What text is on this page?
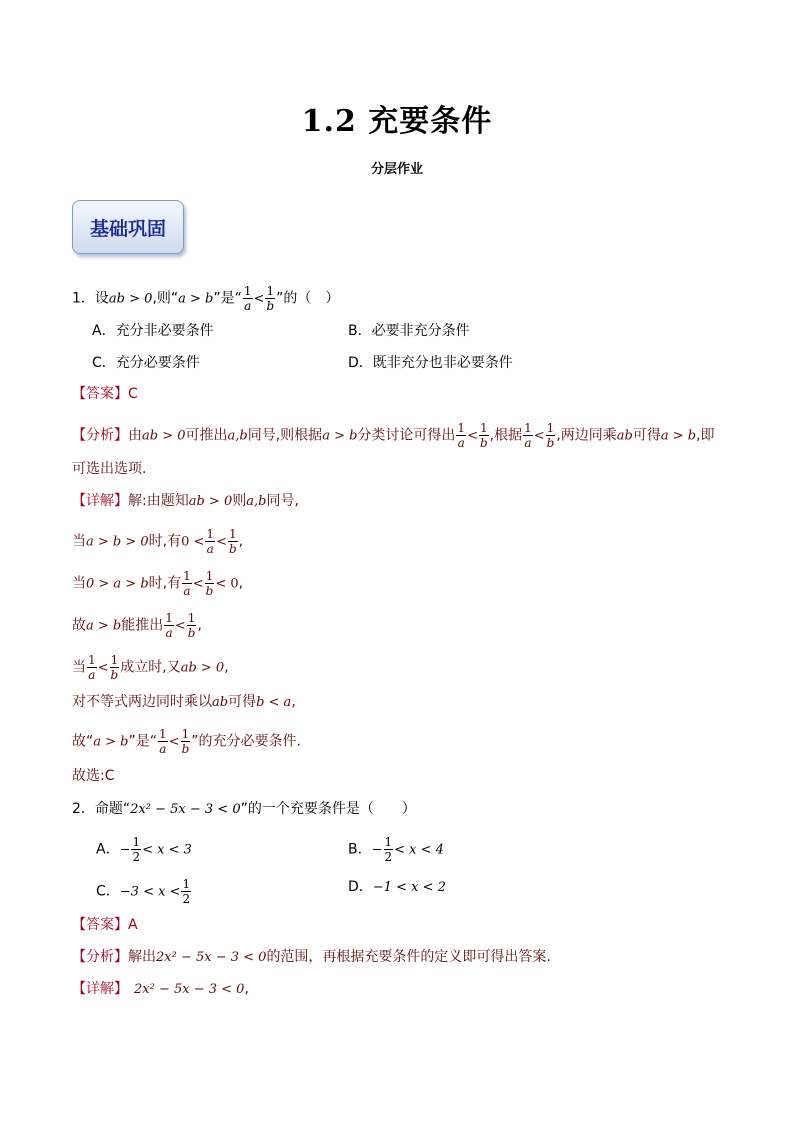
1.2 充要条件
分层作业
基础巩固
1．设ab > 0,则“a > b”是“ $\frac{1}{a} < \frac{1}{b}$ ”的（　）
A．充分非必要条件	B．必要非充分条件
C．充分必要条件	D．既非充分也非必要条件
【答案】C
【分析】由ab > 0可推出a,b同号,则根据a > b分类讨论可得出 $\frac{1}{a} < \frac{1}{b}$ ,根据 $\frac{1}{a} < \frac{1}{b}$ ,两边同乘ab可得a > b,即
可选出选项.
【详解】解:由题知ab > 0则a,b同号,
当a > b > 0时,有$0 < \frac{1}{a} < \frac{1}{b}$ ,
当0 > a > b时,有 $\frac{1}{a} < \frac{1}{b} < 0$,
故a > b能推出 $\frac{1}{a} < \frac{1}{b}$ ,
当 $\frac{1}{a} < \frac{1}{b}$ 成立时,又ab > 0,
对不等式两边同时乘以ab可得b < a,
故“a > b”是“ $\frac{1}{a} < \frac{1}{b}$ ”的充分必要条件.
故选:C
2．命题“2x² − 5x − 3 < 0”的一个充要条件是（　　）
A．− $\frac{1}{2} < x < 3$	B．− $\frac{1}{2} < x < 4$
C．$-3 < x < \frac{1}{2}$	D．−1 < x < 2
【答案】A
【分析】解出2x² − 5x − 3 < 0的范围，再根据充要条件的定义即可得出答案.
【详解】 2x² − 5x − 3 < 0,
